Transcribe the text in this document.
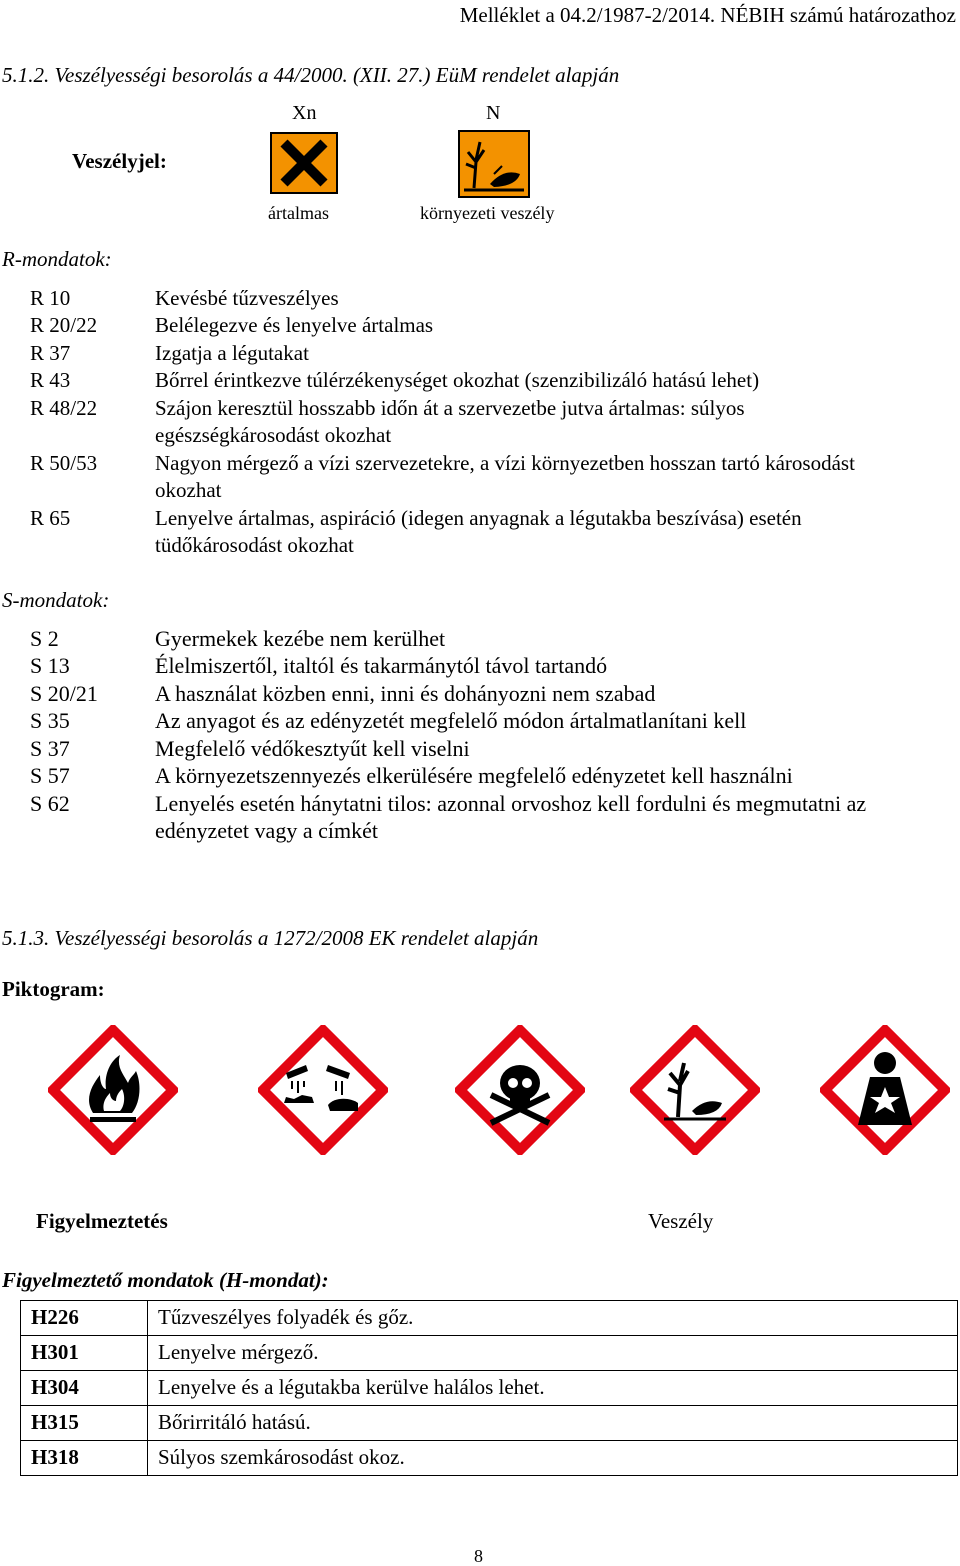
Melléklet a 04.2/1987-2/2014. NÉBIH számú határozathoz
5.1.2. Veszélyességi besorolás a 44/2000. (XII. 27.) EüM rendelet alapján
Veszélyjel:
Xn	N
ártalmas	környezeti veszély
R-mondatok:
R 10	Kevésbé tűzveszélyes
R 20/22	Belélegezve és lenyelve ártalmas
R 37	Izgatja a légutakat
R 43	Bőrrel érintkezve túlérzékenységet okozhat (szenzibilizáló hatású lehet)
R 48/22	Szájon keresztül hosszabb időn át a szervezetbe jutva ártalmas: súlyos egészségkárosodást okozhat
R 50/53	Nagyon mérgező a vízi szervezetekre, a vízi környezetben hosszan tartó károsodást okozhat
R 65	Lenyelve ártalmas, aspiráció (idegen anyagnak a légutakba beszívása) esetén tüdőkárosodást okozhat
S-mondatok:
S 2	Gyermekek kezébe nem kerülhet
S 13	Élelmiszertől, italtól és takarmánytól távol tartandó
S 20/21	A használat közben enni, inni és dohányozni nem szabad
S 35	Az anyagot és az edényzetét megfelelő módon ártalmatlanítani kell
S 37	Megfelelő védőkesztyűt kell viselni
S 57	A környezetszennyezés elkerülésére megfelelő edényzetet kell használni
S 62	Lenyelés esetén hánytatni tilos: azonnal orvoshoz kell fordulni és megmutatni az edényzetet vagy a címkét
5.1.3. Veszélyességi besorolás a 1272/2008 EK rendelet alapján
Piktogram:
Figyelmeztetés	Veszély
Figyelmeztető mondatok (H-mondat):
H226	Tűzveszélyes folyadék és gőz.
H301	Lenyelve mérgező.
H304	Lenyelve és a légutakba kerülve halálos lehet.
H315	Bőrirritáló hatású.
H318	Súlyos szemkárosodást okoz.
8
